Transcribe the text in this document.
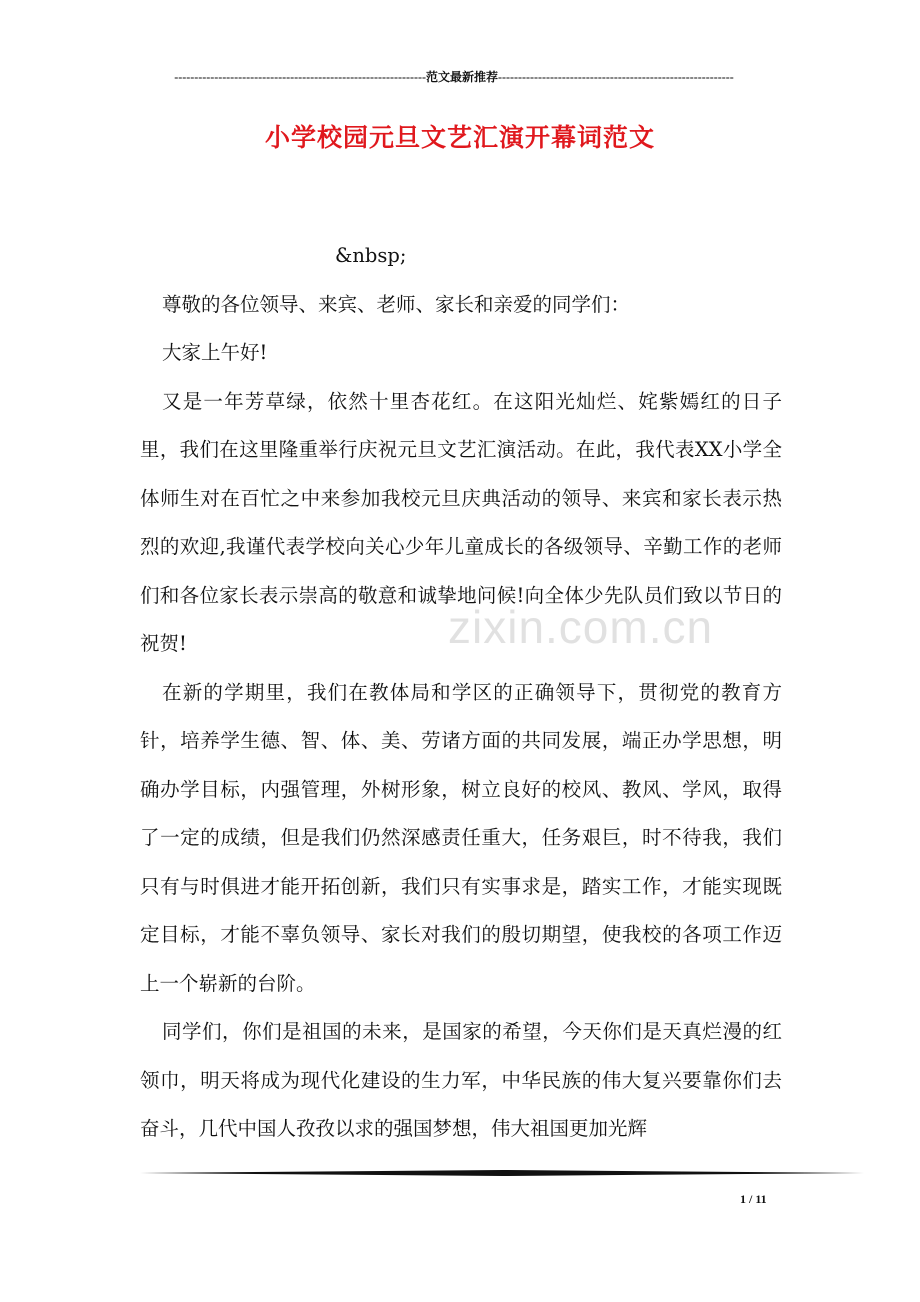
---------------------------------------------------------------范文最新推荐-----------------------------------------------------------
小学校园元旦文艺汇演开幕词范文

&nbsp;

尊敬的各位领导、来宾、老师、家长和亲爱的同学们：

大家上午好!

又是一年芳草绿，依然十里杏花红。在这阳光灿烂、姹紫嫣红的日子里，我们在这里隆重举行庆祝元旦文艺汇演活动。在此，我代表XX小学全体师生对在百忙之中来参加我校元旦庆典活动的领导、来宾和家长表示热烈的欢迎,我谨代表学校向关心少年儿童成长的各级领导、辛勤工作的老师们和各位家长表示崇高的敬意和诚挚地问候!向全体少先队员们致以节日的祝贺!

在新的学期里，我们在教体局和学区的正确领导下，贯彻党的教育方针，培养学生德、智、体、美、劳诸方面的共同发展，端正办学思想，明确办学目标，内强管理，外树形象，树立良好的校风、教风、学风，取得了一定的成绩，但是我们仍然深感责任重大，任务艰巨，时不待我，我们只有与时俱进才能开拓创新，我们只有实事求是，踏实工作，才能实现既定目标，才能不辜负领导、家长对我们的殷切期望，使我校的各项工作迈上一个崭新的台阶。

同学们，你们是祖国的未来，是国家的希望，今天你们是天真烂漫的红领巾，明天将成为现代化建设的生力军，中华民族的伟大复兴要靠你们去奋斗，几代中国人孜孜以求的强国梦想，伟大祖国更加光辉

zixin.com.cn
1 / 11
